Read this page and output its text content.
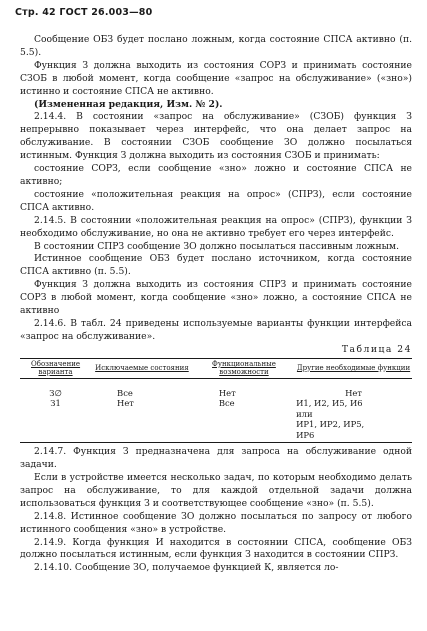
Стр. 42 ГОСТ 26.003—80

Сообщение ОБЗ будет послано ложным, когда состояние СПСА активно (п. 5.5).

Функция З должна выходить из состояния СОРЗ и принимать состояние СЗОБ в любой момент, когда сообщение «запрос на обслуживание» («зно») истинно и состояние СПСА не активно.

(Измененная редакция, Изм. № 2).

2.14.4. В состоянии «запрос на обслуживание» (СЗОБ) функция З непрерывно показывает через интерфейс, что она делает запрос на обслуживание. В состоянии СЗОБ сообщение ЗО должно посылаться истинным. Функция З должна выходить из состояния СЗОБ и принимать:

состояние СОРЗ, если сообщение «зно» ложно и состояние СПСА не активно;

состояние «положительная реакция на опрос» (СПРЗ), если состояние СПСА активно.

2.14.5. В состоянии «положительная реакция на опрос» (СПРЗ), функции З необходимо обслуживание, но она не активно требует его через интерфейс.

В состоянии СПРЗ сообщение ЗО должно посылаться пассивным ложным.

Истинное сообщение ОБЗ будет послано источником, когда состояние СПСА активно (п. 5.5).

Функция З должна выходить из состояния СПРЗ и принимать состояние СОРЗ в любой момент, когда сообщение «зно» ложно, а состояние СПСА не активно

2.14.6. В табл. 24 приведены используемые варианты функции интерфейса «запрос на обслуживание».

Таблица 24
Обозначение варианта	Исключаемые состояния	Функциональные возможности	Другие необходимые функции
З∅	Все	Нет	Нет
З1	Нет	Все	И1, И2, И5, И6
или
ИР1, ИР2, ИР5,
ИР6

2.14.7. Функция З предназначена для запроса на обслуживание одной задачи.

Если в устройстве имеется несколько задач, по которым необходимо делать запрос на обслуживание, то для каждой отдельной задачи должна использоваться функция З и соответствующее сообщение «зно» (п. 5.5).

2.14.8. Истинное сообщение ЗО должно посылаться по запросу от любого истинного сообщения «зно» в устройстве.

2.14.9. Когда функция И находится в состоянии СПСА, сообщение ОБЗ должно посылаться истинным, если функция З находится в состоянии СПРЗ.

2.14.10. Сообщение ЗО, получаемое функцией К, является ло-
